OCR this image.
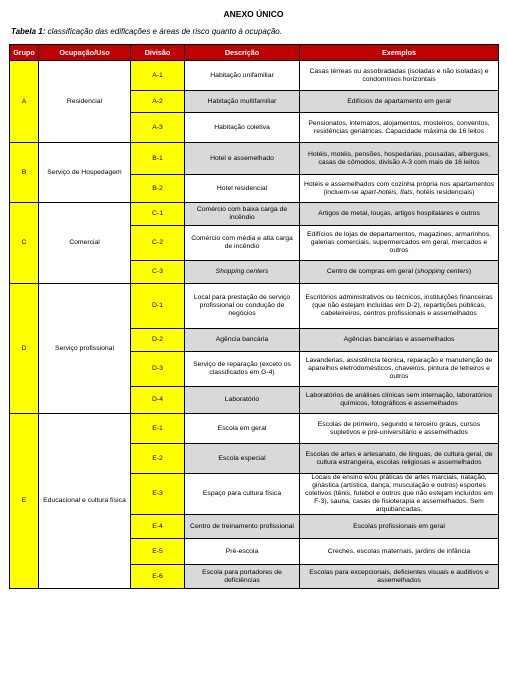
ANEXO ÚNICO
Tabela 1: classificação das edificações e áreas de risco quanto à ocupação.
Grupo	Ocupação/Uso	Divisão	Descrição	Exemplos
A	Residencial	A-1	Habitação unifamiliar	Casas térreas ou assobradadas (isoladas e não isoladas) e condomínios horizontais
		A-2	Habitação multifamiliar	Edifícios de apartamento em geral
		A-3	Habitação coletiva	Pensionatos, internatos, alojamentos, mosteiros, conventos, residências geriátricas. Capacidade máxima de 16 leitos
B	Serviço de Hospedagem	B-1	Hotel e assemelhado	Hotéis, motéis, pensões, hospedarias, pousadas, albergues, casas de cômodos, divisão A-3 com mais de 16 leitos
		B-2	Hotel residencial	Hotéis e assemelhados com cozinha própria nos apartamentos (incluem-se apart-hotéis, flats, hotéis residenciais)
C	Comercial	C-1	Comércio com baixa carga de incêndio	Artigos de metal, louças, artigos hospitalares e outros
		C-2	Comércio com média e alta carga de incêndio	Edifícios de lojas de departamentos, magazines, armarinhos, galerias comerciais, supermercados em geral, mercados e outros
		C-3	Shopping centers	Centro de compras em geral (shopping centers)
D	Serviço profissional	D-1	Local para prestação de serviço profissional ou condução de negócios	Escritórios administrativos ou técnicos, instituições financeiras (que não estejam incluídas em D-2), repartições públicas, cabeleireiros, centros profissionais e assemelhados
		D-2	Agência bancária	Agências bancárias e assemelhados
		D-3	Serviço de reparação (exceto os classificados em G-4)	Lavanderias, assistência técnica, reparação e manutenção de aparelhos eletrodomésticos, chaveiros, pintura de letreiros e outros
		D-4	Laboratório	Laboratórios de análises clínicas sem internação, laboratórios químicos, fotográficos e assemelhados
E	Educacional e cultura física	E-1	Escola em geral	Escolas de primeiro, segundo e terceiro graus, cursos supletivos e pré-universitário e assemelhados
		E-2	Escola especial	Escolas de artes e artesanato, de línguas, de cultura geral, de cultura estrangeira, escolas religiosas e assemelhados
		E-3	Espaço para cultura física	Locais de ensino e/ou práticas de artes marciais, natação, ginástica (artística, dança, musculação e outros) esportes coletivos (tênis, futebol e outros que não estejam incluídos em F-3), sauna, casas de fisioterapia e assemelhados. Sem arquibancadas.
		E-4	Centro de treinamento profissional	Escolas profissionais em geral
		E-5	Pré-escola	Creches, escolas maternais, jardins de infância
		E-6	Escola para portadores de deficiências	Escolas para excepcionais, deficientes visuais e auditivos e assemelhados
